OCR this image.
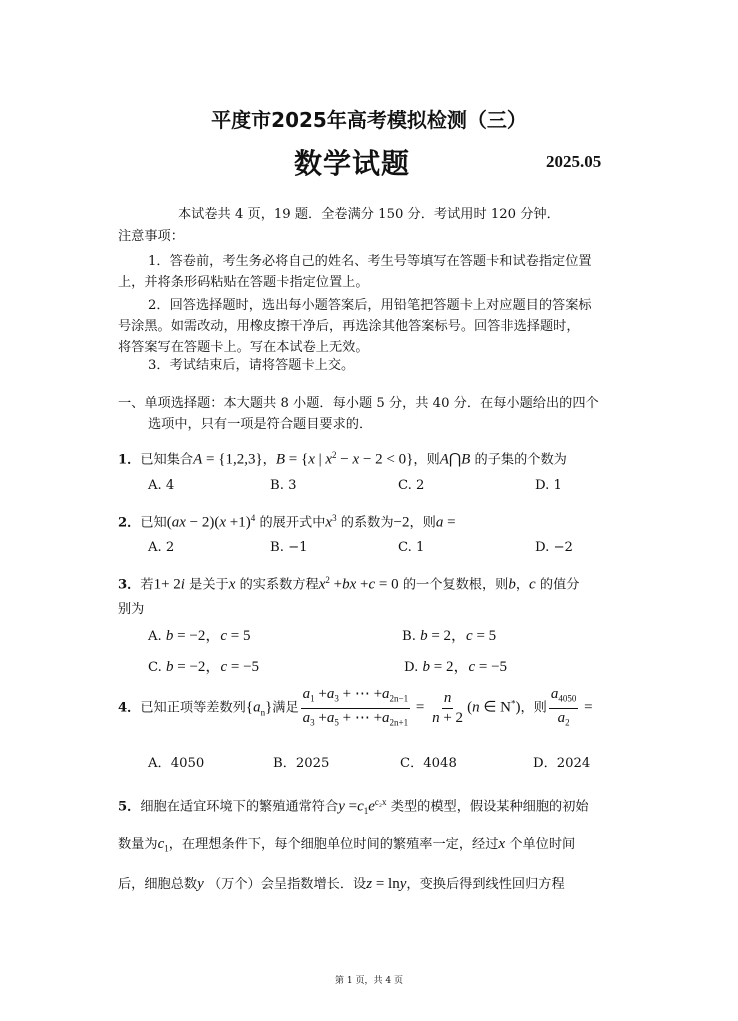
平度市2025年高考模拟检测（三）
数学试题	2025.05
本试卷共 4 页，19 题．全卷满分 150 分．考试用时 120 分钟．
注意事项：
1．答卷前，考生务必将自己的姓名、考生号等填写在答题卡和试卷指定位置
上，并将条形码粘贴在答题卡指定位置上。
2．回答选择题时，选出每小题答案后，用铅笔把答题卡上对应题目的答案标
号涂黑。如需改动，用橡皮擦干净后，再选涂其他答案标号。回答非选择题时，
将答案写在答题卡上。写在本试卷上无效。
3．考试结束后，请将答题卡上交。
一、单项选择题：本大题共 8 小题．每小题 5 分，共 40 分．在每小题给出的四个
选项中，只有一项是符合题目要求的．
1．已知集合A = {1,2,3}，B = {x | $x^2 - x - 2 < 0$}，则A⋂B 的子集的个数为
A. 4	B. 3	C. 2	D. 1
2．已知$(ax - 2)(x +1)^4$ 的展开式中$x^3$ 的系数为−2，则a =
A. 2	B. −1	C. 1	D. −2
3．若1+ 2i 是关于x 的实系数方程$x^2 +bx +c = 0$ 的一个复数根，则b，c 的值分
别为
A. b = −2，c = 5	B. b = 2，c = 5
C. b = −2，c = −5	D. b = 2，c = −5
4．已知正项等差数列$\{a_n\}$满足 $\frac{a_1 +a_3 + \cdots +a_{2n-1}}{a_3 +a_5 + \cdots +a_{2n+1}} = \frac{n}{n + 2} (n$ ∈ N*)，则 $\frac{a_{4050}}{a_2}$ =
A．4050	B．2025	C．4048	D．2024
5．细胞在适宜环境下的繁殖通常符合$y =c_1e^{c_2x}$ 类型的模型，假设某种细胞的初始
数量为$c_1$，在理想条件下，每个细胞单位时间的繁殖率一定，经过x 个单位时间
后，细胞总数y （万个）会呈指数增长．设z = lny，变换后得到线性回归方程
第 1 页，共 4 页
